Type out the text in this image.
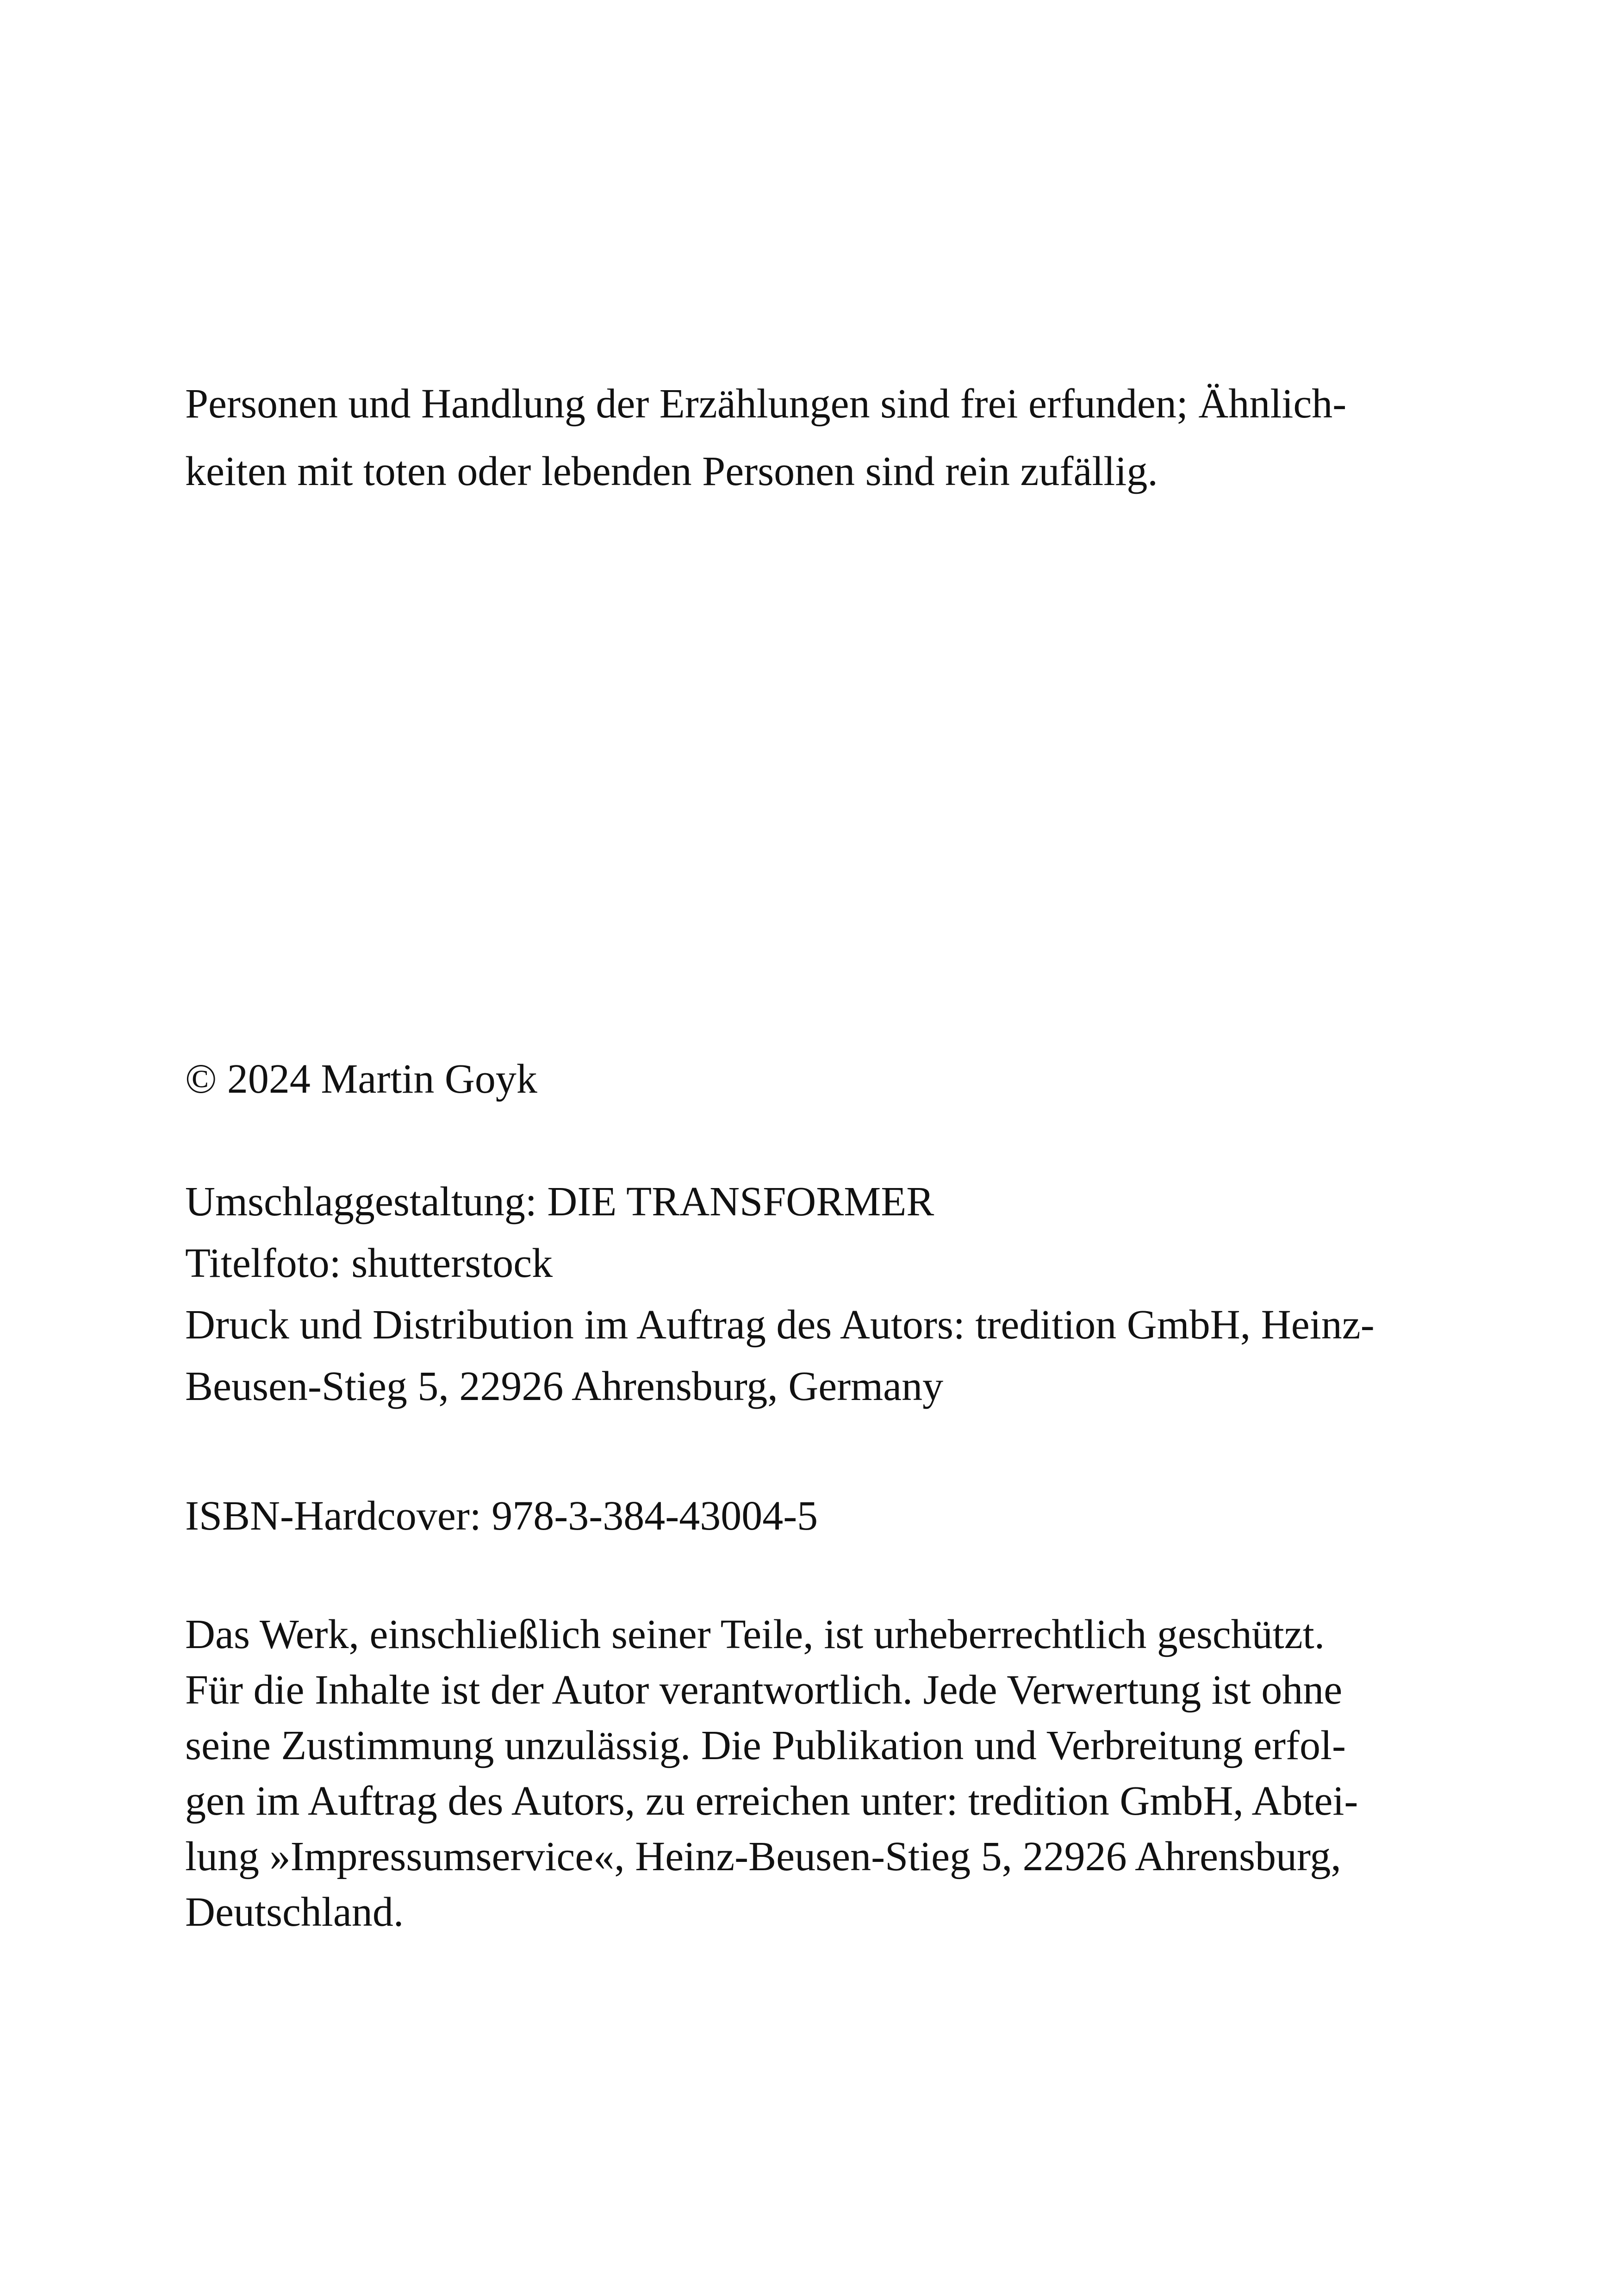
Personen und Handlung der Erzählungen sind frei erfunden; Ähnlich-
keiten mit toten oder lebenden Personen sind rein zufällig.
© 2024 Martin Goyk
Umschlaggestaltung: DIE TRANSFORMER
Titelfoto: shutterstock
Druck und Distribution im Auftrag des Autors: tredition GmbH, Heinz-
Beusen-Stieg 5, 22926 Ahrensburg, Germany
ISBN-Hardcover: 978-3-384-43004-5
Das Werk, einschließlich seiner Teile, ist urheberrechtlich geschützt.
Für die Inhalte ist der Autor verantwortlich. Jede Verwertung ist ohne
seine Zustimmung unzulässig. Die Publikation und Verbreitung erfol-
gen im Auftrag des Autors, zu erreichen unter: tredition GmbH, Abtei-
lung »Impressumservice«, Heinz-Beusen-Stieg 5, 22926 Ahrensburg,
Deutschland.
